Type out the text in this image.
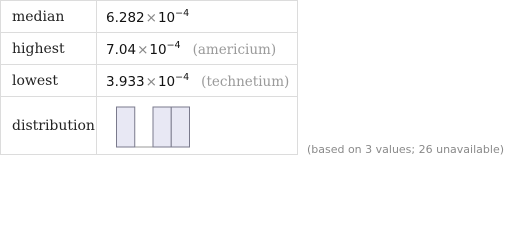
median	$6.282\times 10^{-4}$
highest	$7.04\times 10^{-4}$ (americium)
lowest	$3.933\times 10^{-4}$ (technetium)
distribution	
(based on 3 values; 26 unavailable)
